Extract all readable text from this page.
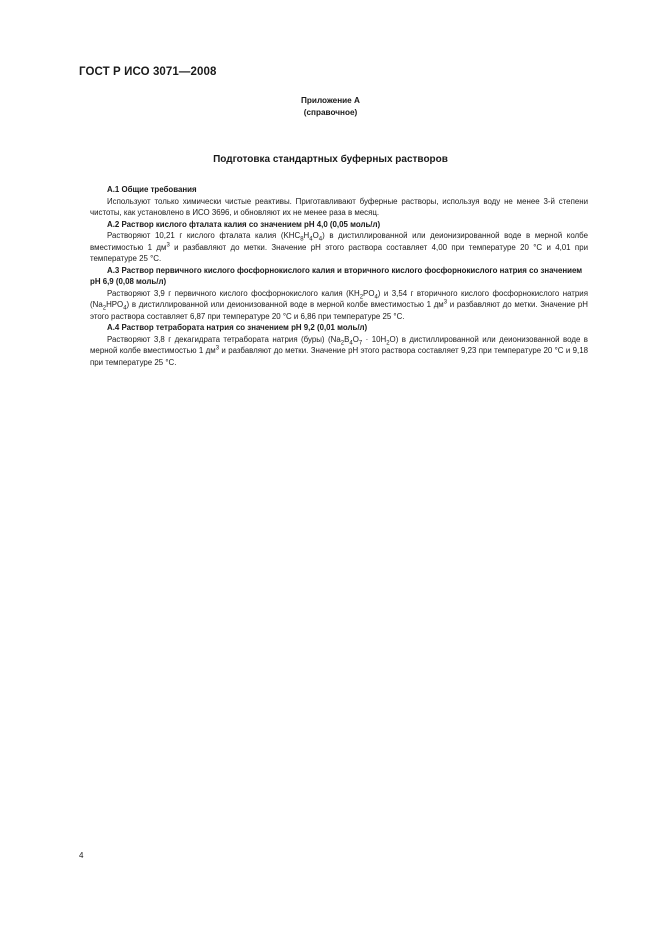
ГОСТ Р ИСО 3071—2008
Приложение А
(справочное)
Подготовка стандартных буферных растворов

А.1 Общие требования

Используют только химически чистые реактивы. Приготавливают буферные растворы, используя воду не менее 3-й степени чистоты, как установлено в ИСО 3696, и обновляют их не менее раза в месяц.

А.2 Раствор кислого фталата калия со значением pH 4,0 (0,05 моль/л)

Растворяют 10,21 г кислого фталата калия $(KHC_8H_4O_4)$ в дистиллированной или деионизированной воде в мерной колбе вместимостью 1 $дм^3$ и разбавляют до метки. Значение pH этого раствора составляет 4,00 при температуре 20 °С и 4,01 при температуре 25 °С.

А.3 Раствор первичного кислого фосфорнокислого калия и вторичного кислого фосфорнокислого натрия со значением pH 6,9 (0,08 моль/л)

Растворяют 3,9 г первичного кислого фосфорнокислого калия $(KH_2PO_4)$ и 3,54 г вторичного кислого фосфорнокислого натрия $(Na_2HPO_4)$ в дистиллированной или деионизованной воде в мерной колбе вместимостью 1 $дм^3$ и разбавляют до метки. Значение pH этого раствора составляет 6,87 при температуре 20 °С и 6,86 при температуре 25 °С.

А.4 Раствор тетрабората натрия со значением pH 9,2 (0,01 моль/л)

Растворяют 3,8 г декагидрата тетрабората натрия (буры) $(Na_2B_4O_7 \cdot 10H_2O)$ в дистиллированной или деионизованной воде в мерной колбе вместимостью 1 $дм^3$ и разбавляют до метки. Значение pH этого раствора составляет 9,23 при температуре 20 °С и 9,18 при температуре 25 °С.

4
